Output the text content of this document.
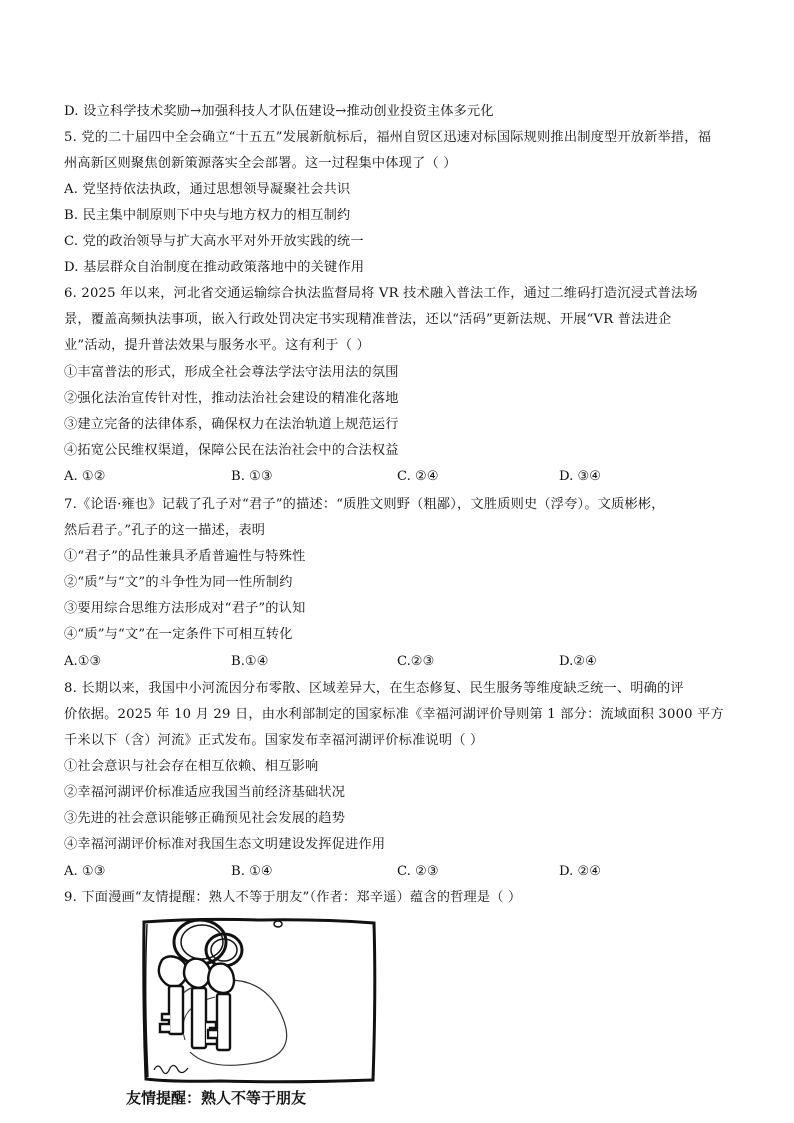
D. 设立科学技术奖励→加强科技人才队伍建设→推动创业投资主体多元化
5. 党的二十届四中全会确立“十五五”发展新航标后，福州自贸区迅速对标国际规则推出制度型开放新举措，福
州高新区则聚焦创新策源落实全会部署。这一过程集中体现了（ ）
A. 党坚持依法执政，通过思想领导凝聚社会共识
B. 民主集中制原则下中央与地方权力的相互制约
C. 党的政治领导与扩大高水平对外开放实践的统一
D. 基层群众自治制度在推动政策落地中的关键作用
6. 2025 年以来，河北省交通运输综合执法监督局将 VR 技术融入普法工作，通过二维码打造沉浸式普法场
景，覆盖高频执法事项，嵌入行政处罚决定书实现精准普法，还以“活码”更新法规、开展“VR 普法进企
业”活动，提升普法效果与服务水平。这有利于（ ）
①丰富普法的形式，形成全社会尊法学法守法用法的氛围
②强化法治宣传针对性，推动法治社会建设的精准化落地
③建立完备的法律体系，确保权力在法治轨道上规范运行
④拓宽公民维权渠道，保障公民在法治社会中的合法权益
A. ①②	B. ①③	C. ②④	D. ③④
7.《论语·雍也》记载了孔子对“君子”的描述：“质胜文则野（粗鄙），文胜质则史（浮夸）。文质彬彬，
然后君子。”孔子的这一描述，表明
①“君子”的品性兼具矛盾普遍性与特殊性
②“质”与“文”的斗争性为同一性所制约
③要用综合思维方法形成对“君子”的认知
④“质”与“文”在一定条件下可相互转化
A.①③	B.①④	C.②③	D.②④
8. 长期以来，我国中小河流因分布零散、区域差异大，在生态修复、民生服务等维度缺乏统一、明确的评
价依据。2025 年 10 月 29 日，由水利部制定的国家标准《幸福河湖评价导则第 1 部分：流域面积 3000 平方
千米以下（含）河流》正式发布。国家发布幸福河湖评价标准说明（ ）
①社会意识与社会存在相互依赖、相互影响
②幸福河湖评价标准适应我国当前经济基础状况
③先进的社会意识能够正确预见社会发展的趋势
④幸福河湖评价标准对我国生态文明建设发挥促进作用
A. ①③	B. ①④	C. ②③	D. ②④
9. 下面漫画“友情提醒：熟人不等于朋友”（作者：郑辛遥）蕴含的哲理是（ ）
友情提醒：熟人不等于朋友
